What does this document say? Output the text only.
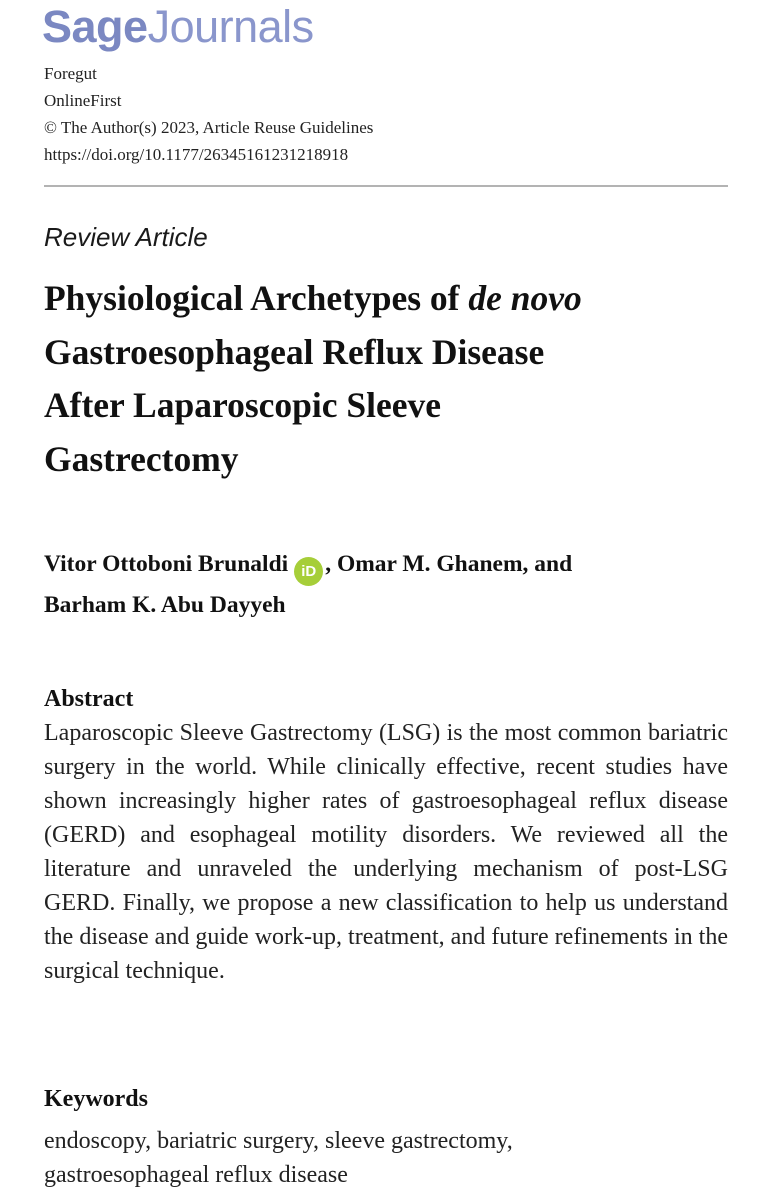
SageJournals
Foregut
OnlineFirst
© The Author(s) 2023, Article Reuse Guidelines
https://doi.org/10.1177/26345161231218918
Review Article
Physiological Archetypes of de novo
Gastroesophageal Reflux Disease
After Laparoscopic Sleeve
Gastrectomy
Vitor Ottoboni Brunaldi iD , Omar M. Ghanem, and
Barham K. Abu Dayyeh
Abstract
Laparoscopic Sleeve Gastrectomy (LSG) is the most common bariatric surgery in the world. While clinically effective, recent studies have shown increasingly higher rates of gastroesophageal reflux disease (GERD) and esophageal motility disorders. We reviewed all the literature and unraveled the underlying mechanism of post-LSG GERD. Finally, we propose a new classification to help us understand the disease and guide work-up, treatment, and future refinements in the surgical technique.
Keywords
endoscopy, bariatric surgery, sleeve gastrectomy,
gastroesophageal reflux disease
